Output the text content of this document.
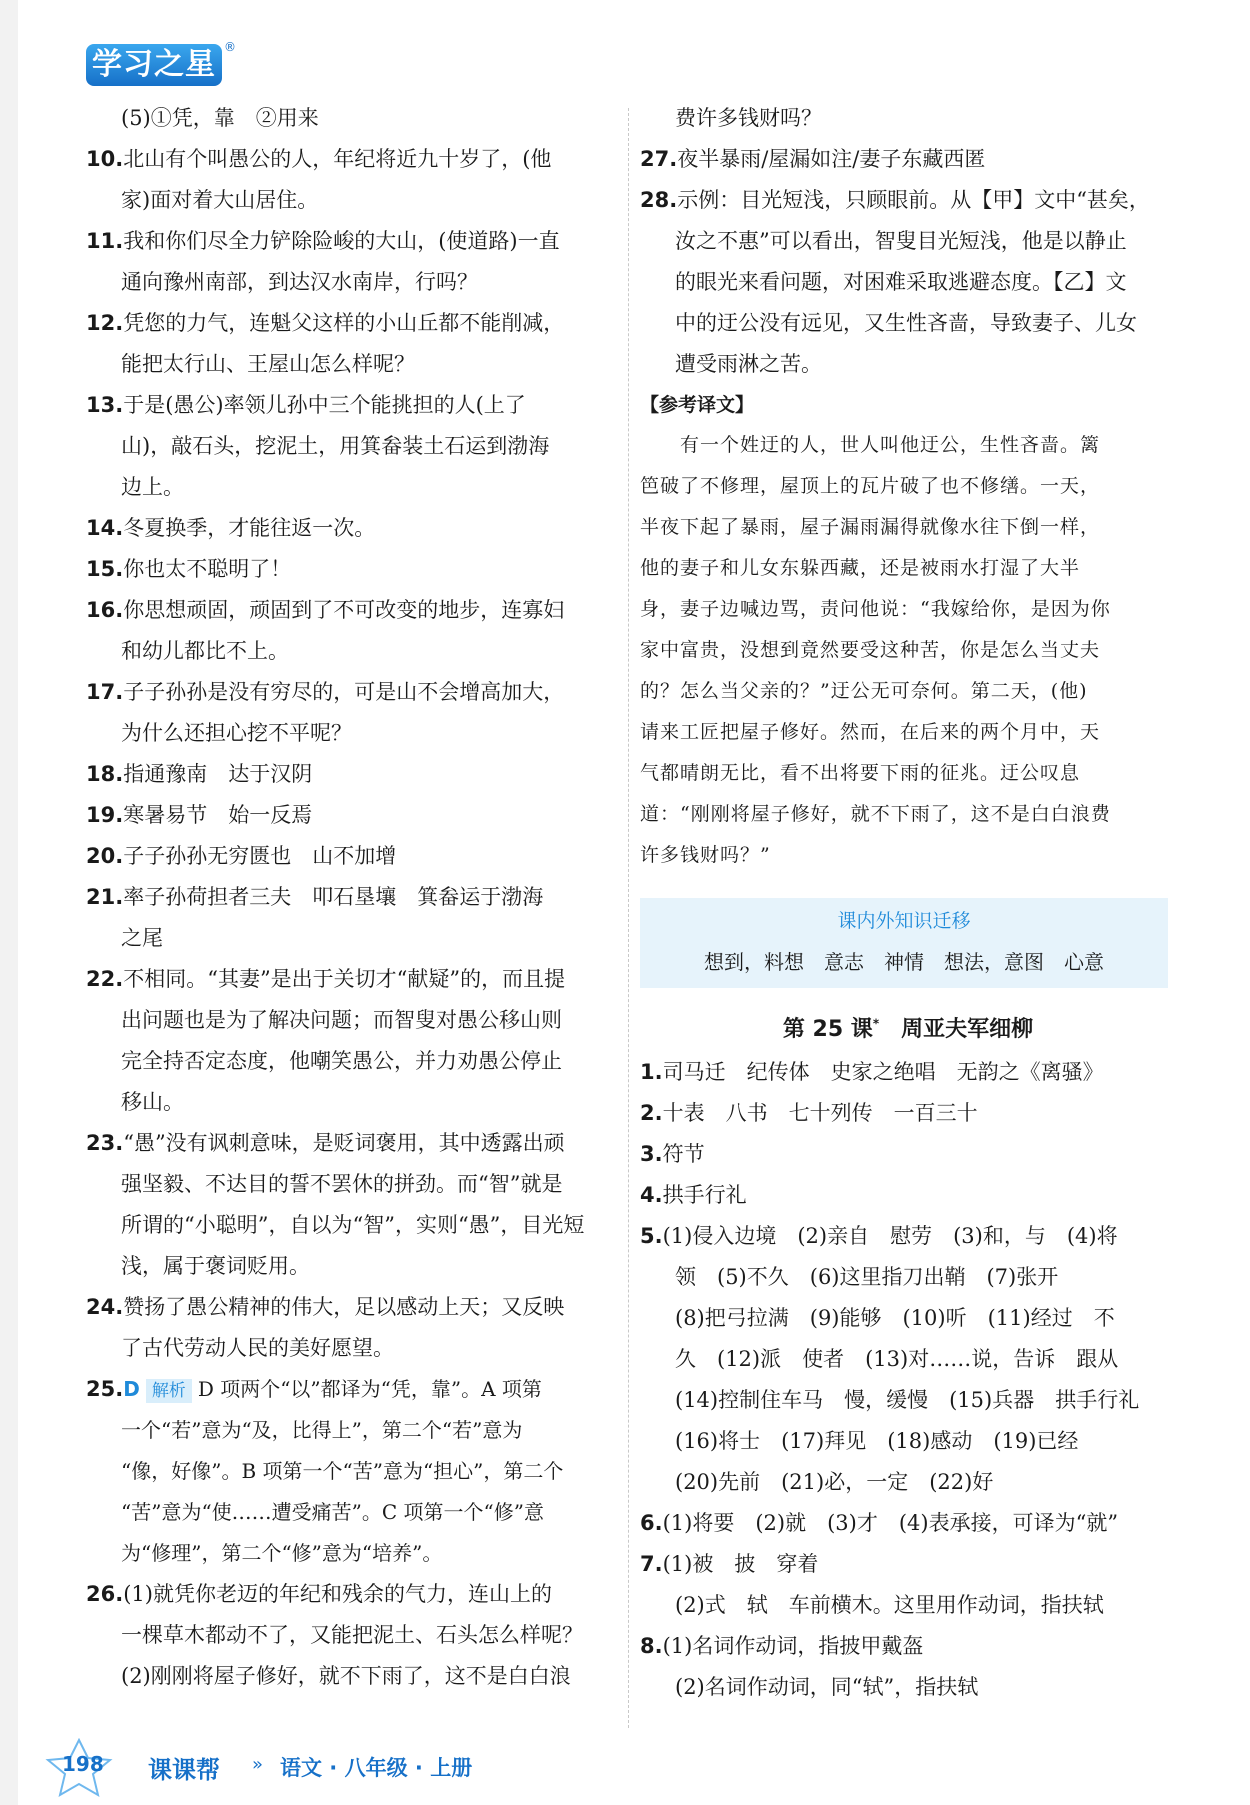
学习之星 ®
(5)①凭，靠　②用来
10.北山有个叫愚公的人，年纪将近九十岁了，(他
家)面对着大山居住。
11.我和你们尽全力铲除险峻的大山，(使道路)一直
通向豫州南部，到达汉水南岸，行吗？
12.凭您的力气，连魁父这样的小山丘都不能削减，
能把太行山、王屋山怎么样呢？
13.于是(愚公)率领儿孙中三个能挑担的人(上了
山)，敲石头，挖泥土，用箕畚装土石运到渤海
边上。
14.冬夏换季，才能往返一次。
15.你也太不聪明了！
16.你思想顽固，顽固到了不可改变的地步，连寡妇
和幼儿都比不上。
17.子子孙孙是没有穷尽的，可是山不会增高加大，
为什么还担心挖不平呢？
18.指通豫南　达于汉阴
19.寒暑易节　始一反焉
20.子子孙孙无穷匮也　山不加增
21.率子孙荷担者三夫　叩石垦壤　箕畚运于渤海
之尾
22.不相同。“其妻”是出于关切才“献疑”的，而且提
出问题也是为了解决问题；而智叟对愚公移山则
完全持否定态度，他嘲笑愚公，并力劝愚公停止
移山。
23.“愚”没有讽刺意味，是贬词褒用，其中透露出顽
强坚毅、不达目的誓不罢休的拼劲。而“智”就是
所谓的“小聪明”，自以为“智”，实则“愚”，目光短
浅，属于褒词贬用。
24.赞扬了愚公精神的伟大，足以感动上天；又反映
了古代劳动人民的美好愿望。
25.D 解析 D 项两个“以”都译为“凭，靠”。A 项第
一个“若”意为“及，比得上”，第二个“若”意为
“像，好像”。B 项第一个“苦”意为“担心”，第二个
“苦”意为“使……遭受痛苦”。C 项第一个“修”意
为“修理”，第二个“修”意为“培养”。
26.(1)就凭你老迈的年纪和残余的气力，连山上的
一棵草木都动不了，又能把泥土、石头怎么样呢？
(2)刚刚将屋子修好，就不下雨了，这不是白白浪
费许多钱财吗？
27.夜半暴雨/屋漏如注/妻子东藏西匿
28.示例：目光短浅，只顾眼前。从【甲】文中“甚矣，
汝之不惠”可以看出，智叟目光短浅，他是以静止
的眼光来看问题，对困难采取逃避态度。【乙】文
中的迂公没有远见，又生性吝啬，导致妻子、儿女
遭受雨淋之苦。
【参考译文】

有一个姓迂的人，世人叫他迂公，生性吝啬。篱

笆破了不修理，屋顶上的瓦片破了也不修缮。一天，

半夜下起了暴雨，屋子漏雨漏得就像水往下倒一样，

他的妻子和儿女东躲西藏，还是被雨水打湿了大半

身，妻子边喊边骂，责问他说：“我嫁给你，是因为你

家中富贵，没想到竟然要受这种苦，你是怎么当丈夫

的？怎么当父亲的？”迂公无可奈何。第二天，(他)

请来工匠把屋子修好。然而，在后来的两个月中，天

气都晴朗无比，看不出将要下雨的征兆。迂公叹息

道：“刚刚将屋子修好，就不下雨了，这不是白白浪费

许多钱财吗？”

课内外知识迁移
想到，料想　意志　神情　想法，意图　心意
第 25 课*　 周亚夫军细柳
1.司马迁　纪传体　史家之绝唱　无韵之《离骚》
2.十表　八书　七十列传　一百三十
3.符节
4.拱手行礼
5.(1)侵入边境　(2)亲自　慰劳　(3)和，与　(4)将
领　(5)不久　(6)这里指刀出鞘　(7)张开
(8)把弓拉满　(9)能够　(10)听　(11)经过　不
久　(12)派　使者　(13)对……说，告诉　跟从
(14)控制住车马　慢，缓慢　(15)兵器　拱手行礼
(16)将士　(17)拜见　(18)感动　(19)已经
(20)先前　(21)必，一定　(22)好
6.(1)将要　(2)就　(3)才　(4)表承接，可译为“就”
7.(1)被　披　穿着
(2)式　轼　车前横木。这里用作动词，指扶轼
8.(1)名词作动词，指披甲戴盔
(2)名词作动词，同“轼”，指扶轼
198 课课帮 » 语文 · 八年级 · 上册
